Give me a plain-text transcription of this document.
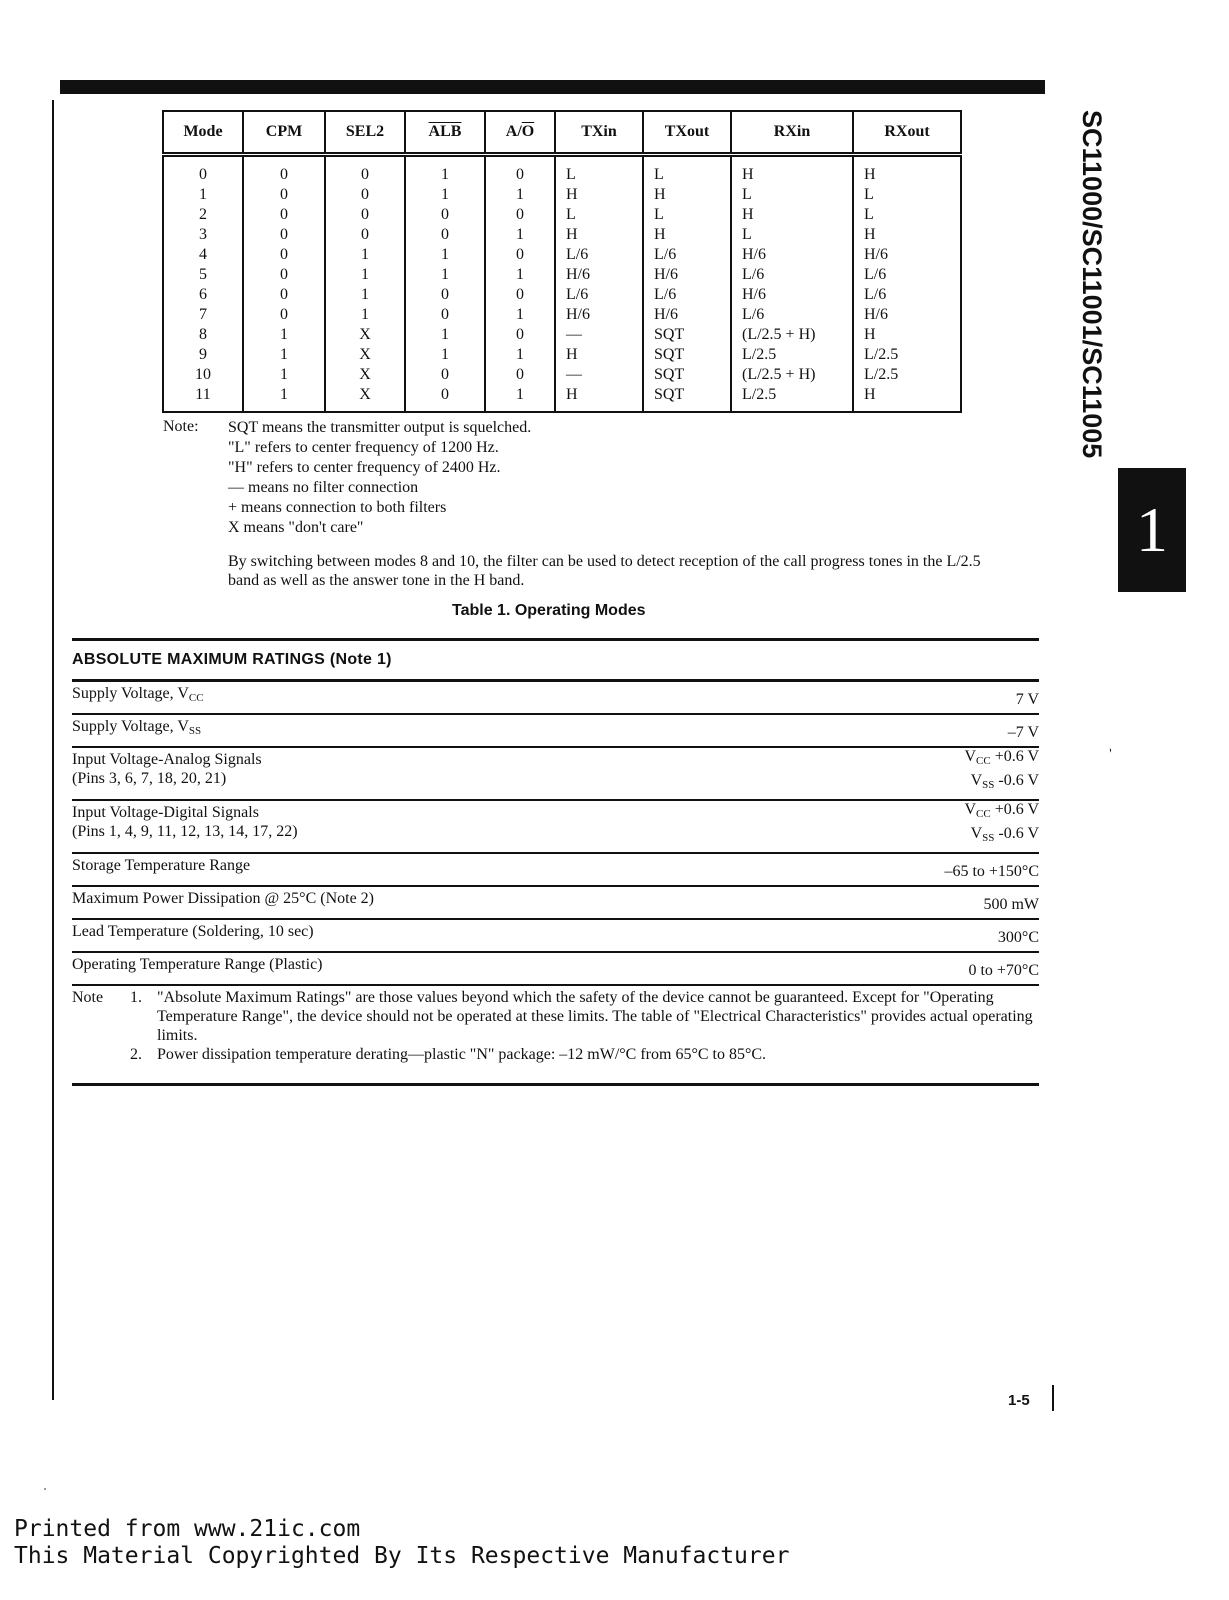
SC11000/SC11001/SC11005
1
ˋ
Mode	CPM	SEL2	$\overline{ALB}$	$A/\overline{O}$	TXin	TXout	RXin	RXout
0	0	0	1	0	L	L	H	H
1	0	0	1	1	H	H	L	L
2	0	0	0	0	L	L	H	L
3	0	0	0	1	H	H	L	H
4	0	1	1	0	L/6	L/6	H/6	H/6
5	0	1	1	1	H/6	H/6	L/6	L/6
6	0	1	0	0	L/6	L/6	H/6	L/6
7	0	1	0	1	H/6	H/6	L/6	H/6
8	1	X	1	0	—	SQT	(L/2.5 + H)	H
9	1	X	1	1	H	SQT	L/2.5	L/2.5
10	1	X	0	0	—	SQT	(L/2.5 + H)	L/2.5
11	1	X	0	1	H	SQT	L/2.5	H
Note: SQT means the transmitter output is squelched.
"L" refers to center frequency of 1200 Hz.
"H" refers to center frequency of 2400 Hz.
— means no filter connection
+ means connection to both filters
X means "don't care"
By switching between modes 8 and 10, the filter can be used to detect reception of the call progress tones in the L/2.5 band as well as the answer tone in the H band.
Table 1. Operating Modes
ABSOLUTE MAXIMUM RATINGS (Note 1)
Supply Voltage, $V_{CC}$	7 V
Supply Voltage, $V_{SS}$	–7 V
Input Voltage-Analog Signals
(Pins 3, 6, 7, 18, 20, 21)
$V_{CC} +0.6$ V
$V_{SS}$ -0.6 V
Input Voltage-Digital Signals
(Pins 1, 4, 9, 11, 12, 13, 14, 17, 22)
$V_{CC} +0.6$ V
$V_{SS}$ -0.6 V
Storage Temperature Range	–65 to +150°C
Maximum Power Dissipation @ 25°C (Note 2)	500 mW
Lead Temperature (Soldering, 10 sec)	300°C
Operating Temperature Range (Plastic)	0 to +70°C
Note 1. "Absolute Maximum Ratings" are those values beyond which the safety of the device cannot be guaranteed. Except for "Operating Temperature Range", the device should not be operated at these limits. The table of "Electrical Characteristics" provides actual operating limits.
2. Power dissipation temperature derating—plastic "N" package: –12 mW/°C from 65°C to 85°C.
1-5
Printed from www.21ic.com
This Material Copyrighted By Its Respective Manufacturer
